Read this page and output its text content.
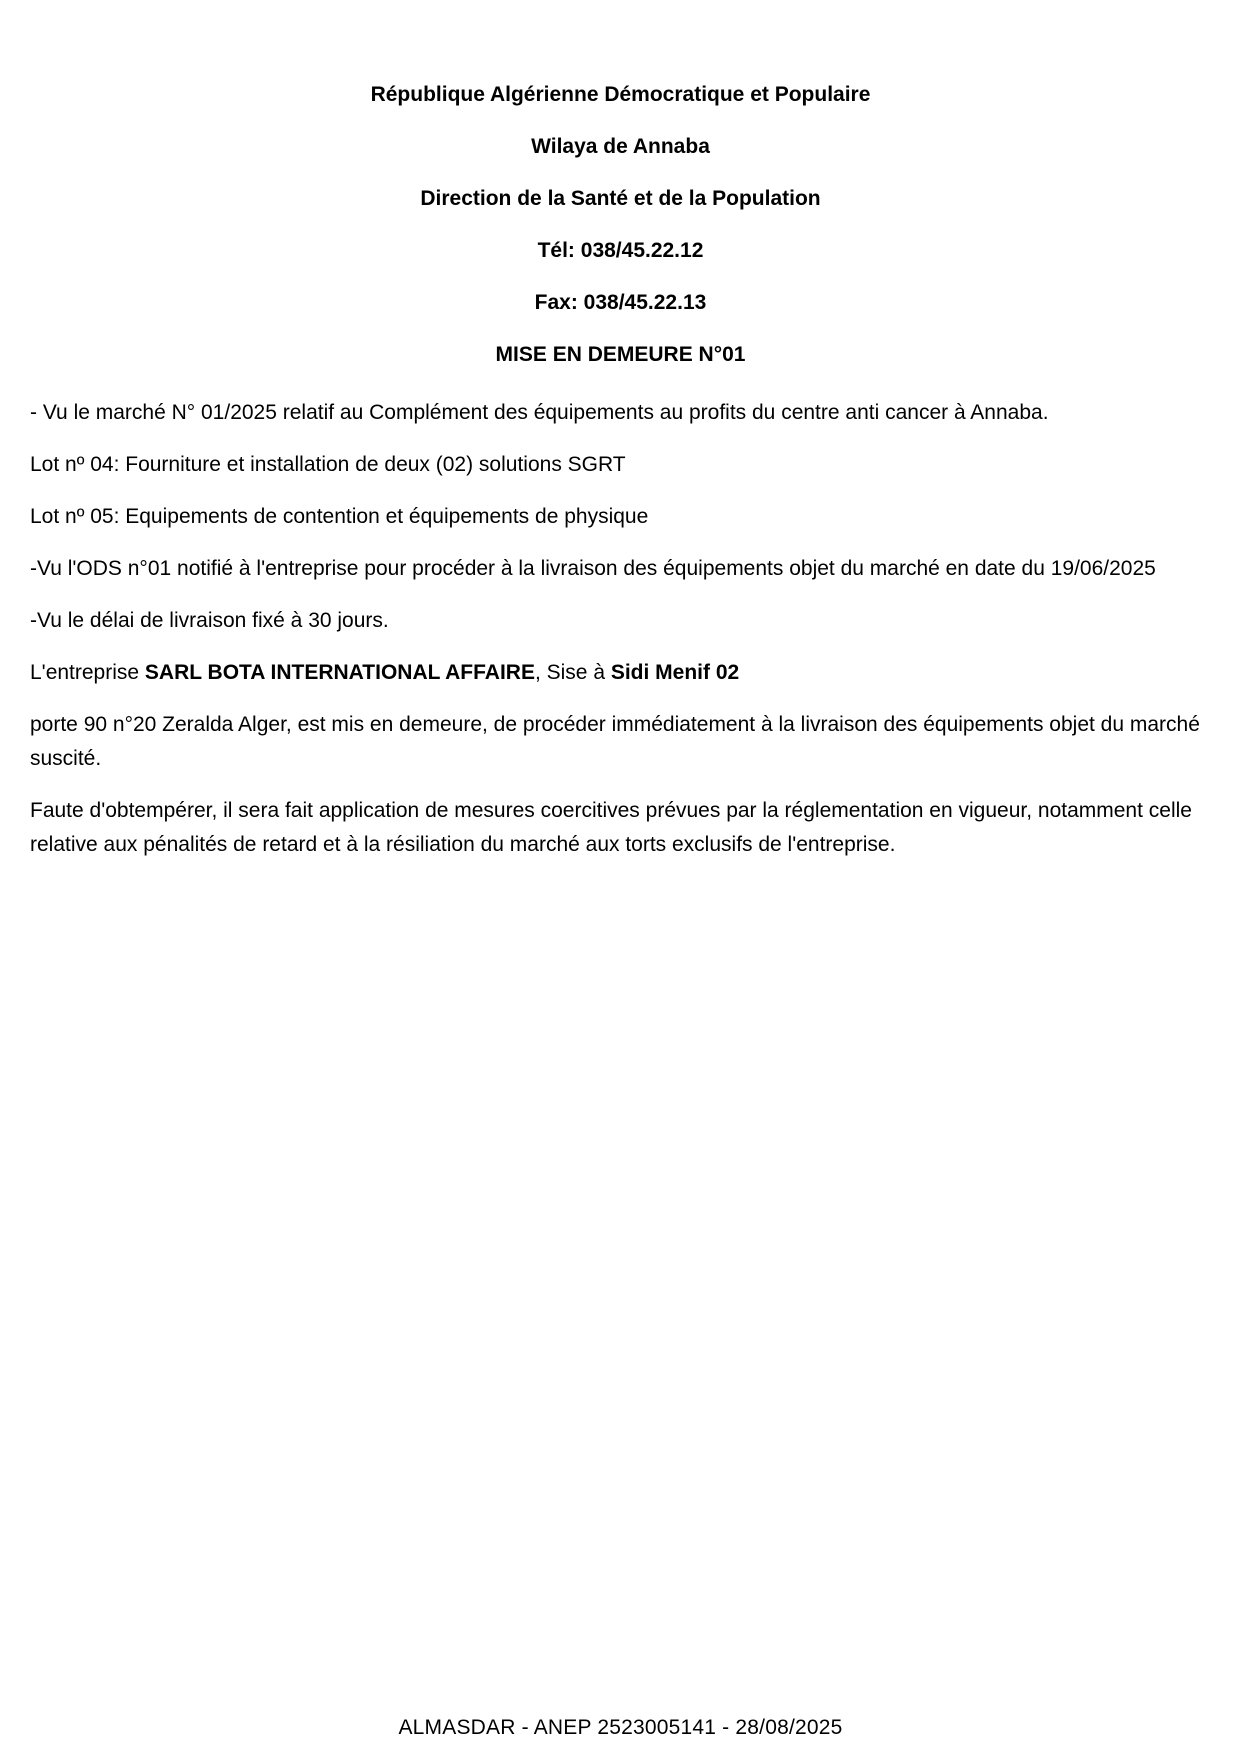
République Algérienne Démocratique et Populaire
Wilaya de Annaba
Direction de la Santé et de la Population
Tél: 038/45.22.12
Fax: 038/45.22.13
MISE EN DEMEURE N°01

- Vu le marché N° 01/2025 relatif au Complément des équipements au profits du centre anti cancer à Annaba.

Lot nº 04: Fourniture et installation de deux (02) solutions SGRT

Lot nº 05: Equipements de contention et équipements de physique

-Vu l'ODS n°01 notifié à l'entreprise pour procéder à la livraison des équipements objet du marché en date du 19/06/2025

-Vu le délai de livraison fixé à 30 jours.

L'entreprise SARL BOTA INTERNATIONAL AFFAIRE, Sise à Sidi Menif 02

porte 90 n°20 Zeralda Alger, est mis en demeure, de procéder immédiatement à la livraison des équipements objet du marché suscité.

Faute d'obtempérer, il sera fait application de mesures coercitives prévues par la réglementation en vigueur, notamment celle relative aux pénalités de retard et à la résiliation du marché aux torts exclusifs de l'entreprise.

ALMASDAR - ANEP 2523005141 - 28/08/2025
